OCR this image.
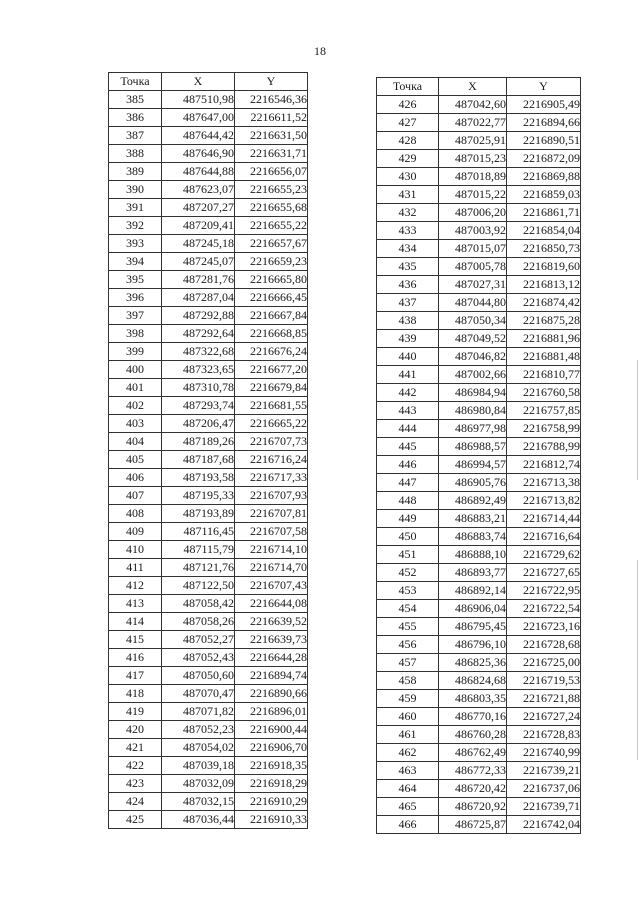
18
Точка	X	Y
385	487510,98	2216546,36
386	487647,00	2216611,52
387	487644,42	2216631,50
388	487646,90	2216631,71
389	487644,88	2216656,07
390	487623,07	2216655,23
391	487207,27	2216655,68
392	487209,41	2216655,22
393	487245,18	2216657,67
394	487245,07	2216659,23
395	487281,76	2216665,80
396	487287,04	2216666,45
397	487292,88	2216667,84
398	487292,64	2216668,85
399	487322,68	2216676,24
400	487323,65	2216677,20
401	487310,78	2216679,84
402	487293,74	2216681,55
403	487206,47	2216665,22
404	487189,26	2216707,73
405	487187,68	2216716,24
406	487193,58	2216717,33
407	487195,33	2216707,93
408	487193,89	2216707,81
409	487116,45	2216707,58
410	487115,79	2216714,10
411	487121,76	2216714,70
412	487122,50	2216707,43
413	487058,42	2216644,08
414	487058,26	2216639,52
415	487052,27	2216639,73
416	487052,43	2216644,28
417	487050,60	2216894,74
418	487070,47	2216890,66
419	487071,82	2216896,01
420	487052,23	2216900,44
421	487054,02	2216906,70
422	487039,18	2216918,35
423	487032,09	2216918,29
424	487032,15	2216910,29
425	487036,44	2216910,33
Точка	X	Y
426	487042,60	2216905,49
427	487022,77	2216894,66
428	487025,91	2216890,51
429	487015,23	2216872,09
430	487018,89	2216869,88
431	487015,22	2216859,03
432	487006,20	2216861,71
433	487003,92	2216854,04
434	487015,07	2216850,73
435	487005,78	2216819,60
436	487027,31	2216813,12
437	487044,80	2216874,42
438	487050,34	2216875,28
439	487049,52	2216881,96
440	487046,82	2216881,48
441	487002,66	2216810,77
442	486984,94	2216760,58
443	486980,84	2216757,85
444	486977,98	2216758,99
445	486988,57	2216788,99
446	486994,57	2216812,74
447	486905,76	2216713,38
448	486892,49	2216713,82
449	486883,21	2216714,44
450	486883,74	2216716,64
451	486888,10	2216729,62
452	486893,77	2216727,65
453	486892,14	2216722,95
454	486906,04	2216722,54
455	486795,45	2216723,16
456	486796,10	2216728,68
457	486825,36	2216725,00
458	486824,68	2216719,53
459	486803,35	2216721,88
460	486770,16	2216727,24
461	486760,28	2216728,83
462	486762,49	2216740,99
463	486772,33	2216739,21
464	486720,42	2216737,06
465	486720,92	2216739,71
466	486725,87	2216742,04
